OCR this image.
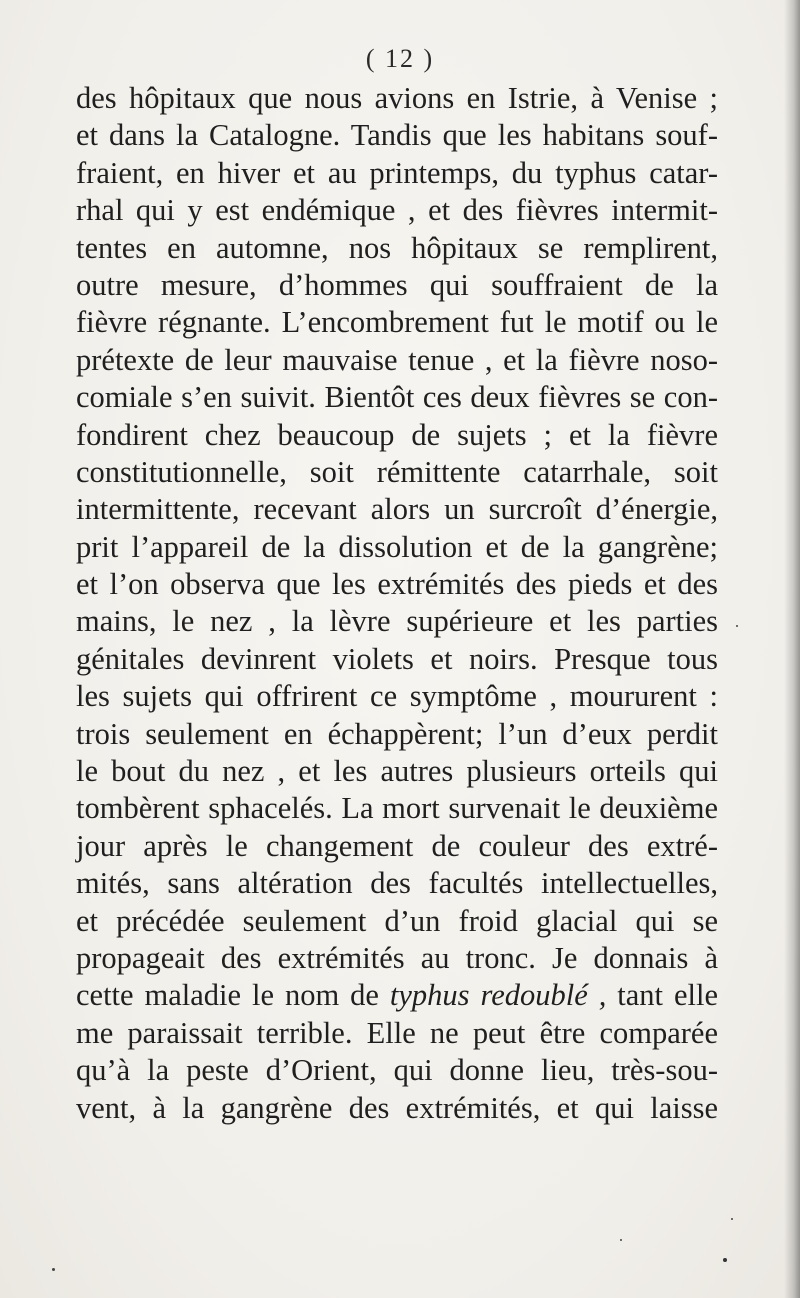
( 12 )
des hôpitaux que nous avions en Istrie, à Venise ;
et dans la Catalogne. Tandis que les habitans souf-
fraient, en hiver et au printemps, du typhus catar-
rhal qui y est endémique , et des fièvres intermit-
tentes en automne, nos hôpitaux se remplirent,
outre mesure, d’hommes qui souffraient de la
fièvre régnante. L’encombrement fut le motif ou le
prétexte de leur mauvaise tenue , et la fièvre noso-
comiale s’en suivit. Bientôt ces deux fièvres se con-
fondirent chez beaucoup de sujets ; et la fièvre
constitutionnelle, soit rémittente catarrhale, soit
intermittente, recevant alors un surcroît d’énergie,
prit l’appareil de la dissolution et de la gangrène;
et l’on observa que les extrémités des pieds et des
mains, le nez , la lèvre supérieure et les parties
génitales devinrent violets et noirs. Presque tous
les sujets qui offrirent ce symptôme , moururent :
trois seulement en échappèrent; l’un d’eux perdit
le bout du nez , et les autres plusieurs orteils qui
tombèrent sphacelés. La mort survenait le deuxième
jour après le changement de couleur des extré-
mités, sans altération des facultés intellectuelles,
et précédée seulement d’un froid glacial qui se
propageait des extrémités au tronc. Je donnais à
cette maladie le nom de typhus redoublé , tant elle
me paraissait terrible. Elle ne peut être comparée
qu’à la peste d’Orient, qui donne lieu, très-sou-
vent, à la gangrène des extrémités, et qui laisse
